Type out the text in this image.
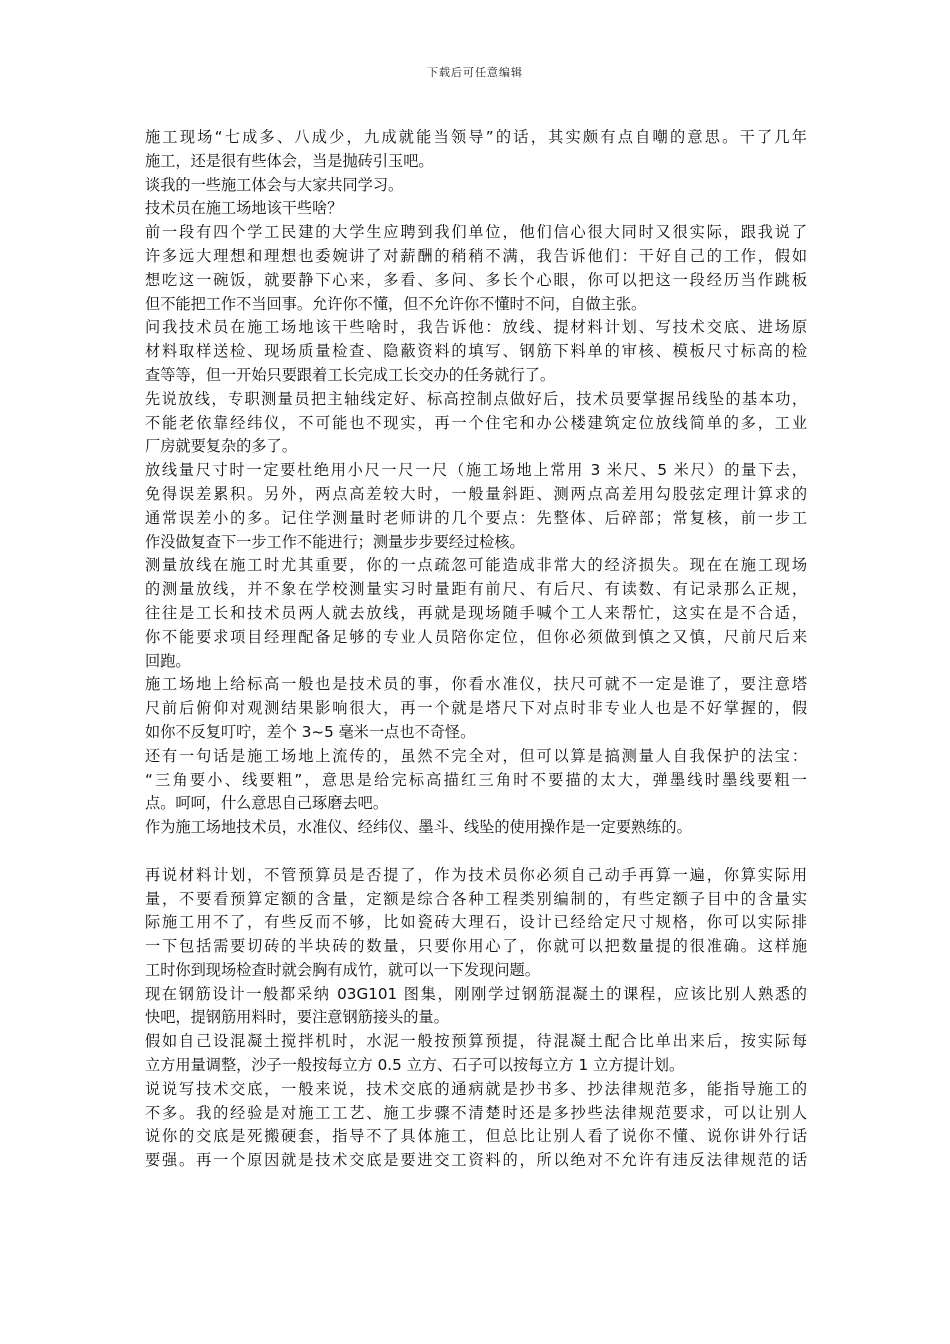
下载后可任意编辑
施工现场“七成多、八成少，九成就能当领导”的话，其实颇有点自嘲的意思。干了几年
施工，还是很有些体会，当是抛砖引玉吧。
谈我的一些施工体会与大家共同学习。
技术员在施工场地该干些啥？
前一段有四个学工民建的大学生应聘到我们单位，他们信心很大同时又很实际，跟我说了
许多远大理想和理想也委婉讲了对薪酬的稍稍不满，我告诉他们：干好自己的工作，假如
想吃这一碗饭，就要静下心来，多看、多问、多长个心眼，你可以把这一段经历当作跳板
但不能把工作不当回事。允许你不懂，但不允许你不懂时不问，自做主张。
问我技术员在施工场地该干些啥时，我告诉他：放线、提材料计划、写技术交底、进场原
材料取样送检、现场质量检查、隐蔽资料的填写、钢筋下料单的审核、模板尺寸标高的检
查等等，但一开始只要跟着工长完成工长交办的任务就行了。
先说放线，专职测量员把主轴线定好、标高控制点做好后，技术员要掌握吊线坠的基本功，
不能老依靠经纬仪，不可能也不现实，再一个住宅和办公楼建筑定位放线简单的多，工业
厂房就要复杂的多了。
放线量尺寸时一定要杜绝用小尺一尺一尺（施工场地上常用 3 米尺、5 米尺）的量下去，
免得误差累积。另外，两点高差较大时，一般量斜距、测两点高差用勾股弦定理计算求的
通常误差小的多。记住学测量时老师讲的几个要点：先整体、后碎部；常复核，前一步工
作没做复查下一步工作不能进行；测量步步要经过检核。
测量放线在施工时尤其重要，你的一点疏忽可能造成非常大的经济损失。现在在施工现场
的测量放线，并不象在学校测量实习时量距有前尺、有后尺、有读数、有记录那么正规，
往往是工长和技术员两人就去放线，再就是现场随手喊个工人来帮忙，这实在是不合适，
你不能要求项目经理配备足够的专业人员陪你定位，但你必须做到慎之又慎，尺前尺后来
回跑。
施工场地上给标高一般也是技术员的事，你看水准仪，扶尺可就不一定是谁了，要注意塔
尺前后俯仰对观测结果影响很大，再一个就是塔尺下对点时非专业人也是不好掌握的，假
如你不反复叮咛，差个 3~5 毫米一点也不奇怪。
还有一句话是施工场地上流传的，虽然不完全对，但可以算是搞测量人自我保护的法宝：
“三角要小、线要粗”，意思是给完标高描红三角时不要描的太大，弹墨线时墨线要粗一
点。呵呵，什么意思自己琢磨去吧。
作为施工场地技术员，水准仪、经纬仪、墨斗、线坠的使用操作是一定要熟练的。
再说材料计划，不管预算员是否提了，作为技术员你必须自己动手再算一遍，你算实际用
量，不要看预算定额的含量，定额是综合各种工程类别编制的，有些定额子目中的含量实
际施工用不了，有些反而不够，比如瓷砖大理石，设计已经给定尺寸规格，你可以实际排
一下包括需要切砖的半块砖的数量，只要你用心了，你就可以把数量提的很准确。这样施
工时你到现场检查时就会胸有成竹，就可以一下发现问题。
现在钢筋设计一般都采纳 03G101 图集，刚刚学过钢筋混凝土的课程，应该比别人熟悉的
快吧，提钢筋用料时，要注意钢筋接头的量。
假如自己设混凝土搅拌机时，水泥一般按预算预提，待混凝土配合比单出来后，按实际每
立方用量调整，沙子一般按每立方 0.5 立方、石子可以按每立方 1 立方提计划。
说说写技术交底，一般来说，技术交底的通病就是抄书多、抄法律规范多，能指导施工的
不多。我的经验是对施工工艺、施工步骤不清楚时还是多抄些法律规范要求，可以让别人
说你的交底是死搬硬套，指导不了具体施工，但总比让别人看了说你不懂、说你讲外行话
要强。再一个原因就是技术交底是要进交工资料的，所以绝对不允许有违反法律规范的话
